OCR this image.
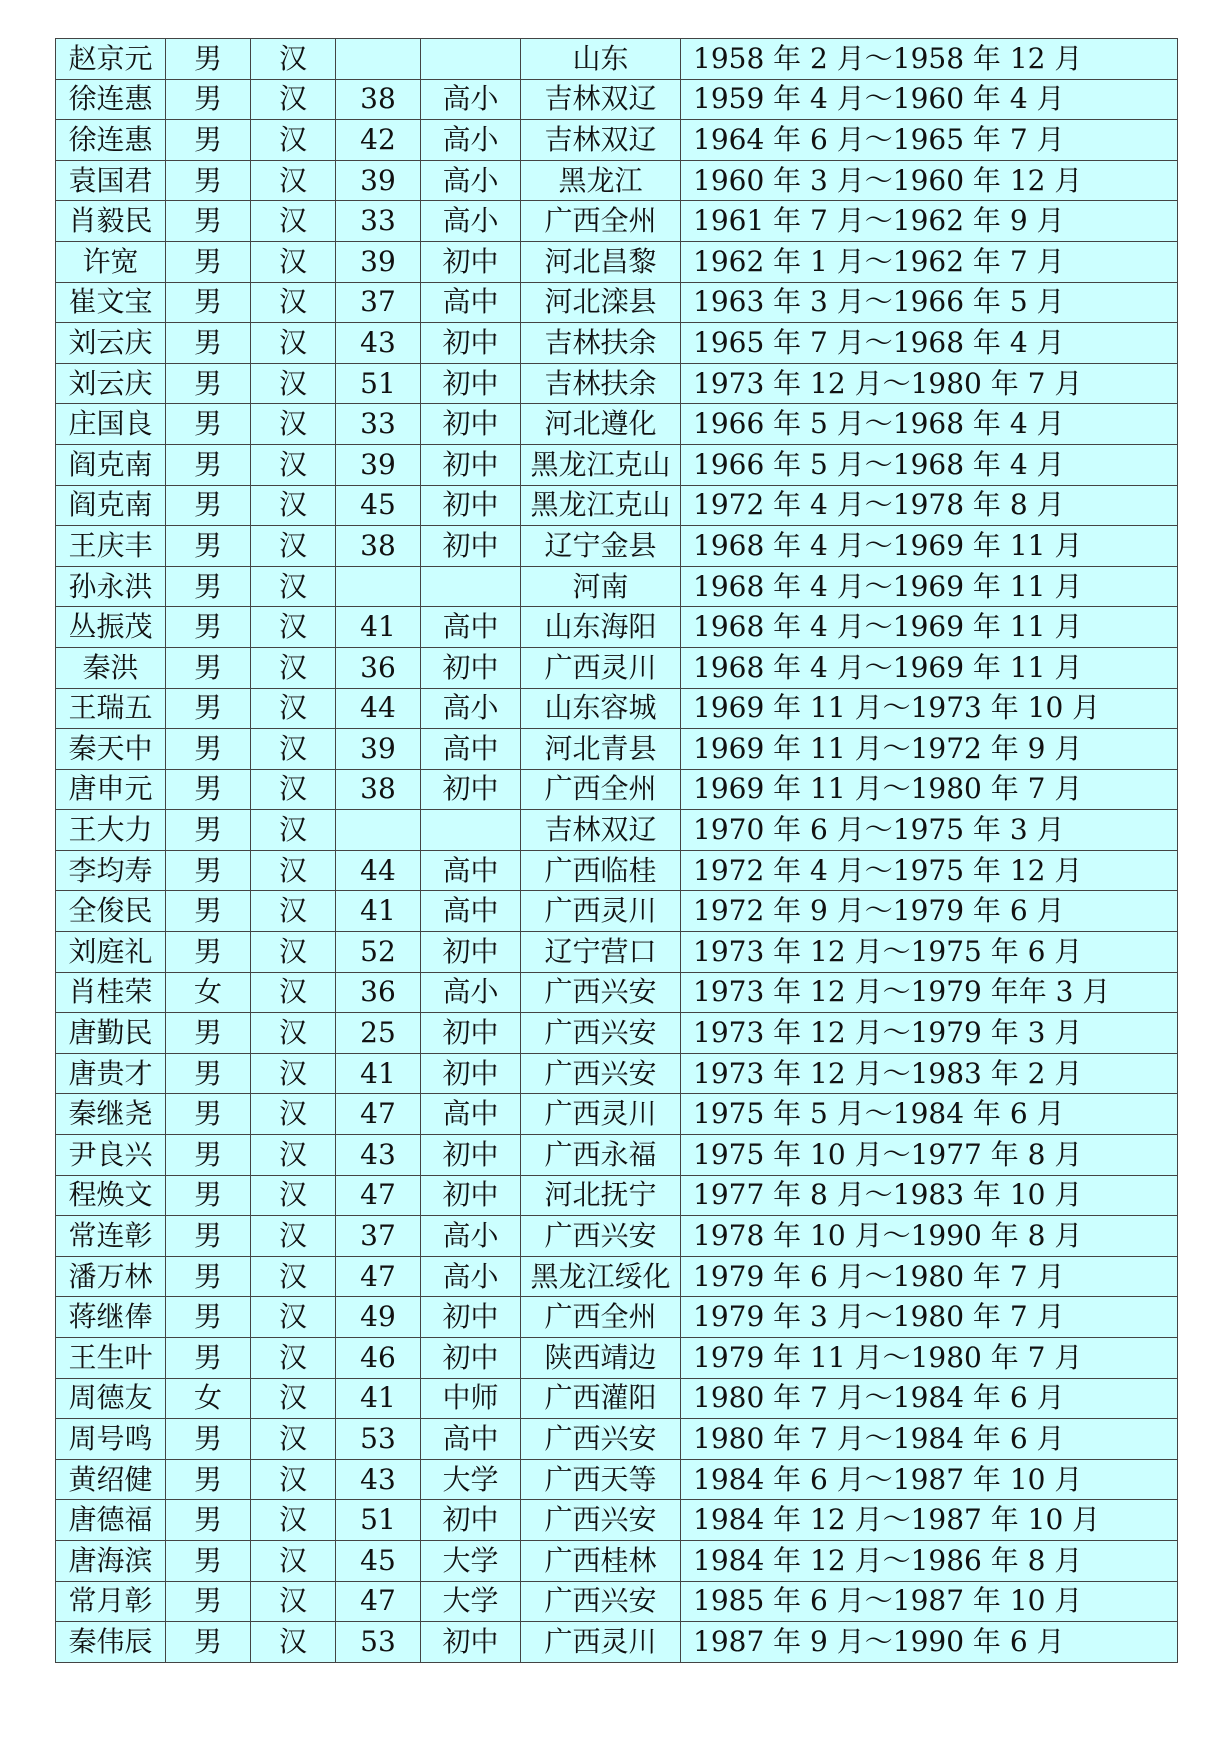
赵京元	男	汉			山东	1958 年 2 月～1958 年 12 月
徐连惠	男	汉	38	高小	吉林双辽	1959 年 4 月～1960 年 4 月
徐连惠	男	汉	42	高小	吉林双辽	1964 年 6 月～1965 年 7 月
袁国君	男	汉	39	高小	黑龙江	1960 年 3 月～1960 年 12 月
肖毅民	男	汉	33	高小	广西全州	1961 年 7 月～1962 年 9 月
许宽	男	汉	39	初中	河北昌黎	1962 年 1 月～1962 年 7 月
崔文宝	男	汉	37	高中	河北滦县	1963 年 3 月～1966 年 5 月
刘云庆	男	汉	43	初中	吉林扶余	1965 年 7 月～1968 年 4 月
刘云庆	男	汉	51	初中	吉林扶余	1973 年 12 月～1980 年 7 月
庄国良	男	汉	33	初中	河北遵化	1966 年 5 月～1968 年 4 月
阎克南	男	汉	39	初中	黑龙江克山	1966 年 5 月～1968 年 4 月
阎克南	男	汉	45	初中	黑龙江克山	1972 年 4 月～1978 年 8 月
王庆丰	男	汉	38	初中	辽宁金县	1968 年 4 月～1969 年 11 月
孙永洪	男	汉			河南	1968 年 4 月～1969 年 11 月
丛振茂	男	汉	41	高中	山东海阳	1968 年 4 月～1969 年 11 月
秦洪	男	汉	36	初中	广西灵川	1968 年 4 月～1969 年 11 月
王瑞五	男	汉	44	高小	山东容城	1969 年 11 月～1973 年 10 月
秦天中	男	汉	39	高中	河北青县	1969 年 11 月～1972 年 9 月
唐申元	男	汉	38	初中	广西全州	1969 年 11 月～1980 年 7 月
王大力	男	汉			吉林双辽	1970 年 6 月～1975 年 3 月
李均寿	男	汉	44	高中	广西临桂	1972 年 4 月～1975 年 12 月
全俊民	男	汉	41	高中	广西灵川	1972 年 9 月～1979 年 6 月
刘庭礼	男	汉	52	初中	辽宁营口	1973 年 12 月～1975 年 6 月
肖桂荣	女	汉	36	高小	广西兴安	1973 年 12 月～1979 年年 3 月
唐勤民	男	汉	25	初中	广西兴安	1973 年 12 月～1979 年 3 月
唐贵才	男	汉	41	初中	广西兴安	1973 年 12 月～1983 年 2 月
秦继尧	男	汉	47	高中	广西灵川	1975 年 5 月～1984 年 6 月
尹良兴	男	汉	43	初中	广西永福	1975 年 10 月～1977 年 8 月
程焕文	男	汉	47	初中	河北抚宁	1977 年 8 月～1983 年 10 月
常连彰	男	汉	37	高小	广西兴安	1978 年 10 月～1990 年 8 月
潘万林	男	汉	47	高小	黑龙江绥化	1979 年 6 月～1980 年 7 月
蒋继俸	男	汉	49	初中	广西全州	1979 年 3 月～1980 年 7 月
王生叶	男	汉	46	初中	陕西靖边	1979 年 11 月～1980 年 7 月
周德友	女	汉	41	中师	广西灌阳	1980 年 7 月～1984 年 6 月
周号鸣	男	汉	53	高中	广西兴安	1980 年 7 月～1984 年 6 月
黄绍健	男	汉	43	大学	广西天等	1984 年 6 月～1987 年 10 月
唐德福	男	汉	51	初中	广西兴安	1984 年 12 月～1987 年 10 月
唐海滨	男	汉	45	大学	广西桂林	1984 年 12 月～1986 年 8 月
常月彰	男	汉	47	大学	广西兴安	1985 年 6 月～1987 年 10 月
秦伟辰	男	汉	53	初中	广西灵川	1987 年 9 月～1990 年 6 月
